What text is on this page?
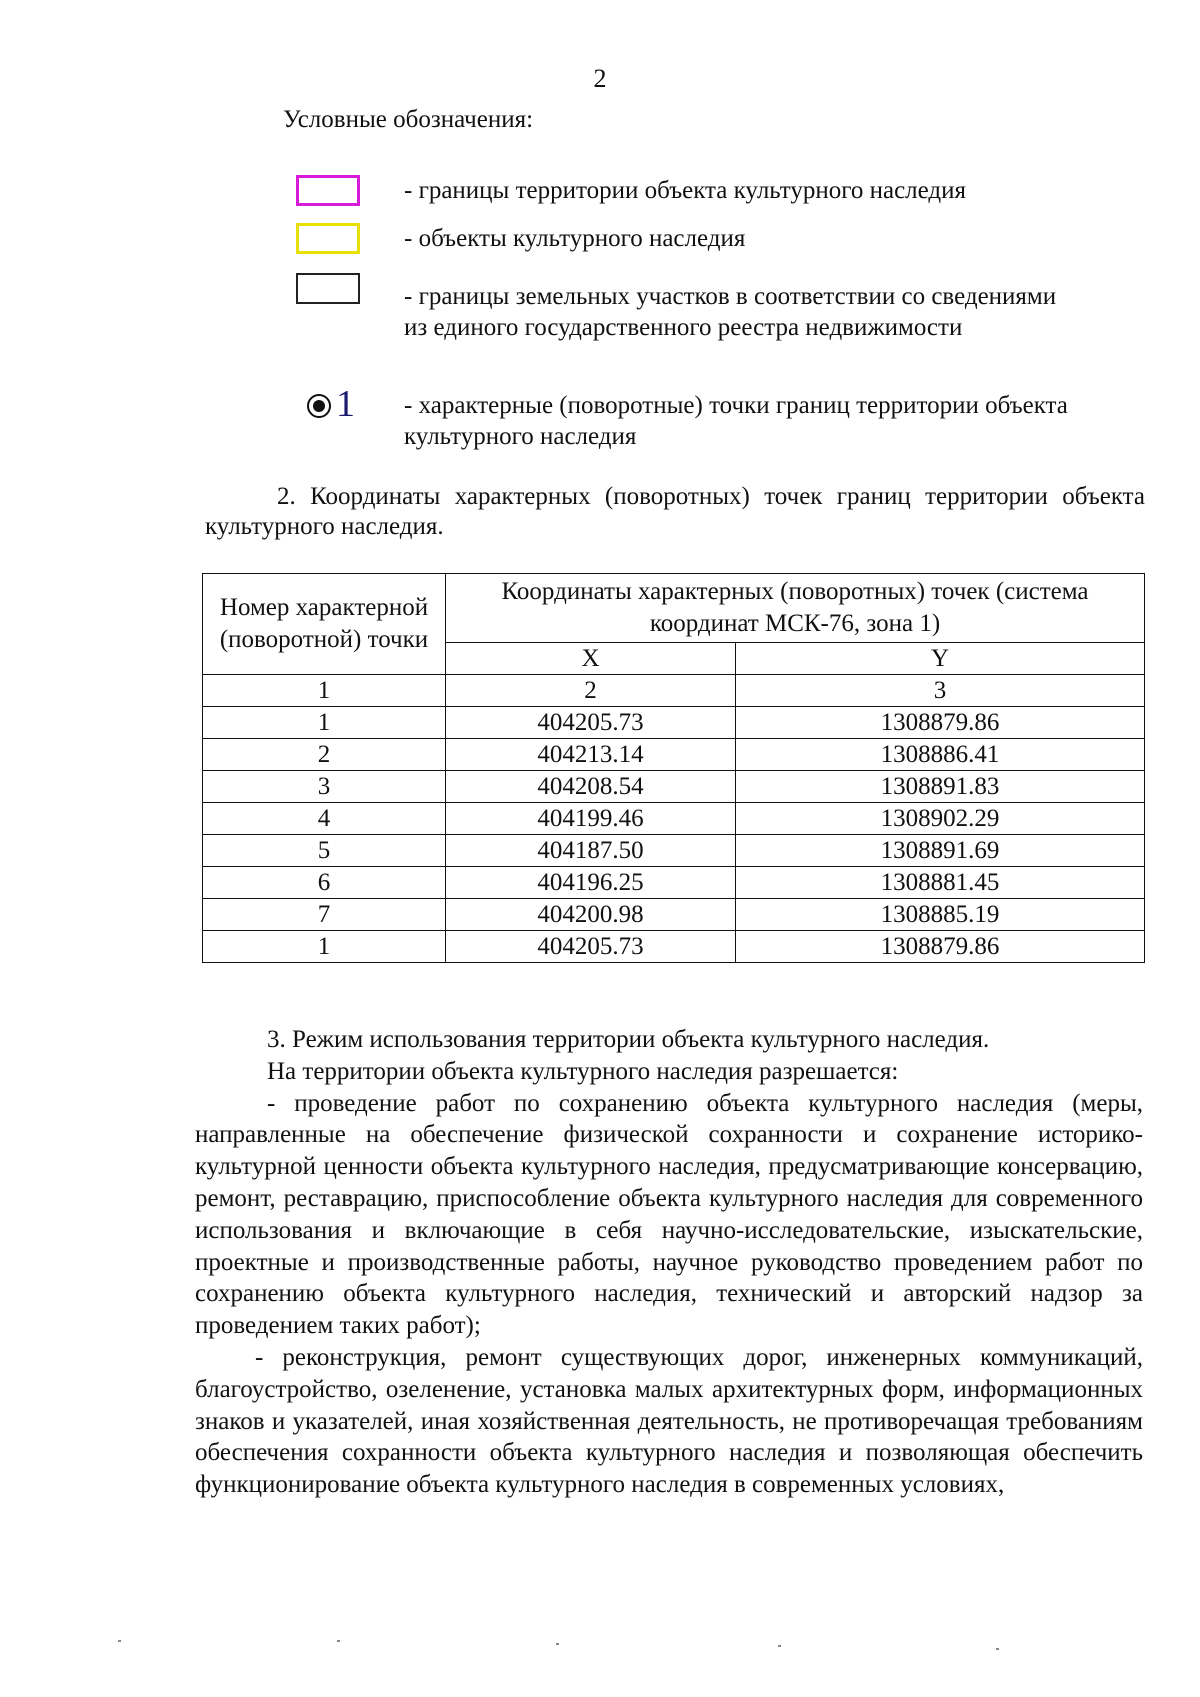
2
Условные обозначения:
- границы территории объекта культурного наследия
- объекты культурного наследия
- границы земельных участков в соответствии со сведениями из единого государственного реестра недвижимости
1 - характерные (поворотные) точки границ территории объекта культурного наследия
2. Координаты характерных (поворотных) точек границ территории объекта культурного наследия.
Номер характерной (поворотной) точки	Координаты характерных (поворотных) точек (система координат МСК-76, зона 1)	
	X	Y
1	2	3
1	404205.73	1308879.86
2	404213.14	1308886.41
3	404208.54	1308891.83
4	404199.46	1308902.29
5	404187.50	1308891.69
6	404196.25	1308881.45
7	404200.98	1308885.19
1	404205.73	1308879.86

3. Режим использования территории объекта культурного наследия.

На территории объекта культурного наследия разрешается:

- проведение работ по сохранению объекта культурного наследия (меры, направленные на обеспечение физической сохранности и сохранение историко-культурной ценности объекта культурного наследия, предусматривающие консервацию, ремонт, реставрацию, приспособление объекта культурного наследия для современного использования и включающие в себя научно-исследовательские, изыскательские, проектные и производственные работы, научное руководство проведением работ по сохранению объекта культурного наследия, технический и авторский надзор за проведением таких работ);

- реконструкция, ремонт существующих дорог, инженерных коммуникаций, благоустройство, озеленение, установка малых архитектурных форм, информационных знаков и указателей, иная хозяйственная деятельность, не противоречащая требованиям обеспечения сохранности объекта культурного наследия и позволяющая обеспечить функционирование объекта культурного наследия в современных условиях,
